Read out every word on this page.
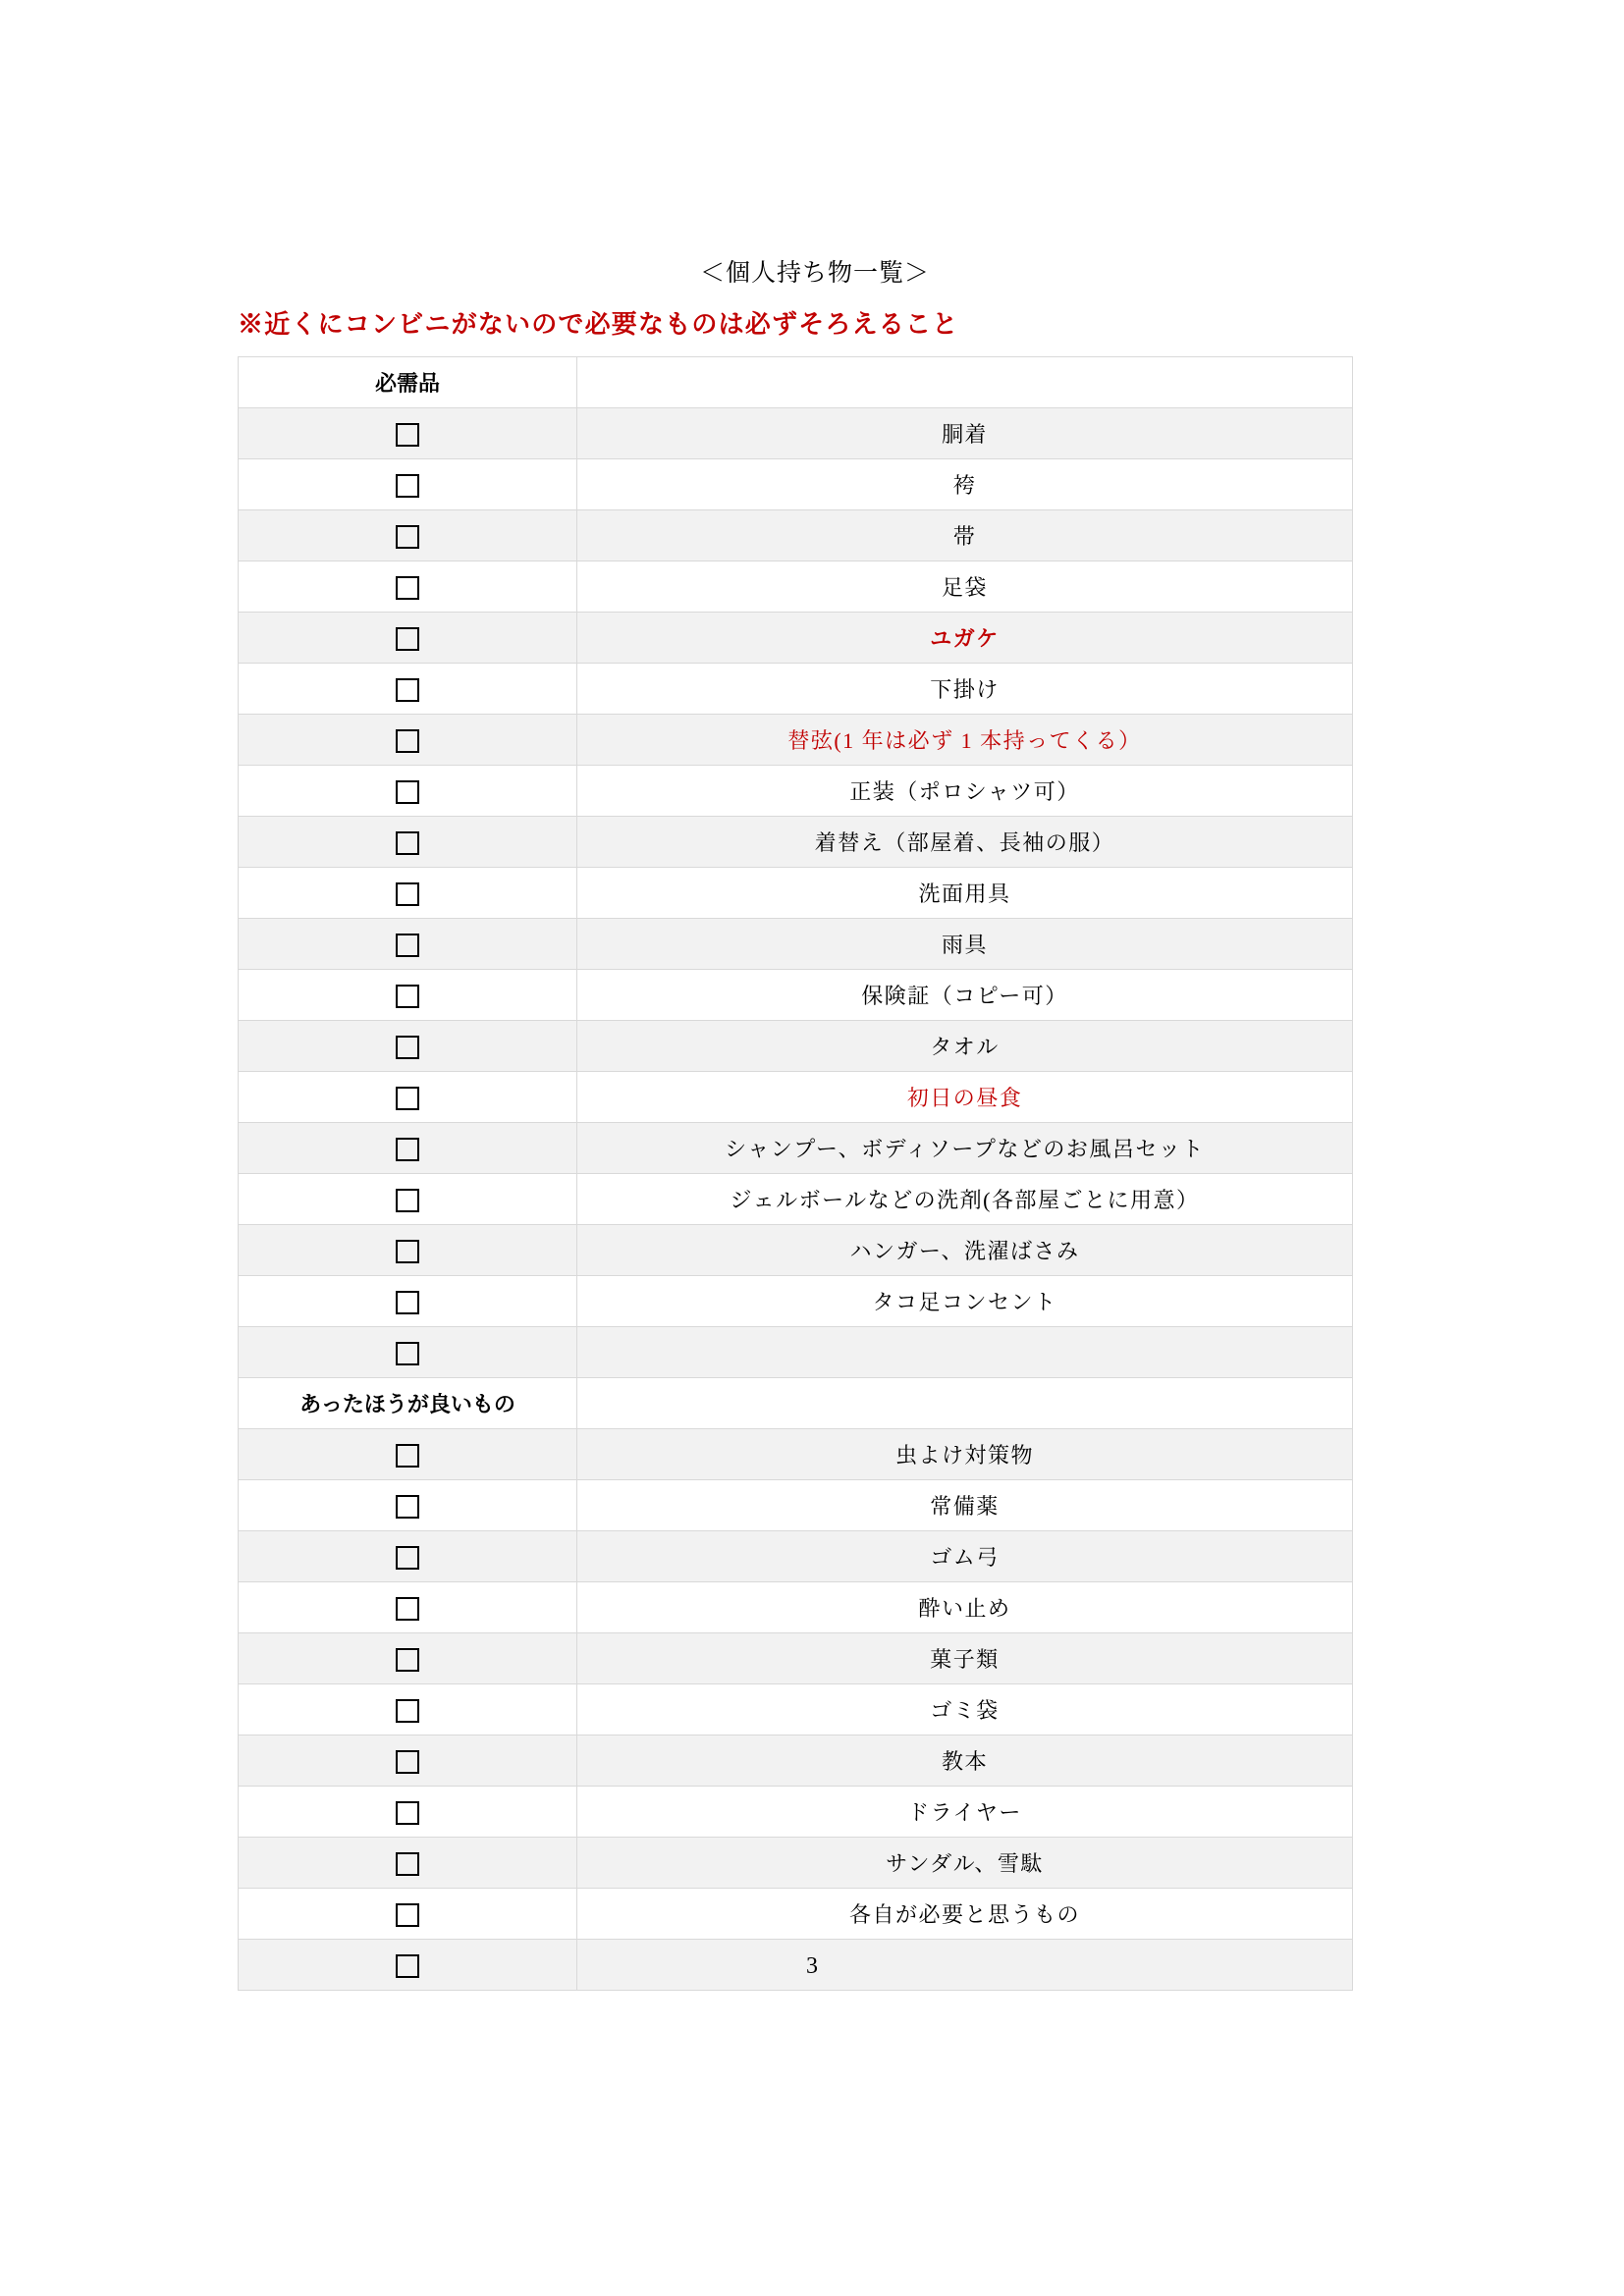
＜個人持ち物一覧＞
※近くにコンビニがないので必要なものは必ずそろえること
必需品	
	胴着
	袴
	帯
	足袋
	ユガケ
	下掛け
	替弦(1 年は必ず 1 本持ってくる）
	正装（ポロシャツ可）
	着替え（部屋着、長袖の服）
	洗面用具
	雨具
	保険証（コピー可）
	タオル
	初日の昼食
	シャンプー、ボディソープなどのお風呂セット
	ジェルボールなどの洗剤(各部屋ごとに用意）
	ハンガー、洗濯ばさみ
	タコ足コンセント

あったほうが良いもの	
	虫よけ対策物
	常備薬
	ゴム弓
	酔い止め
	菓子類
	ゴミ袋
	教本
	ドライヤー
	サンダル、雪駄
	各自が必要と思うもの

3
